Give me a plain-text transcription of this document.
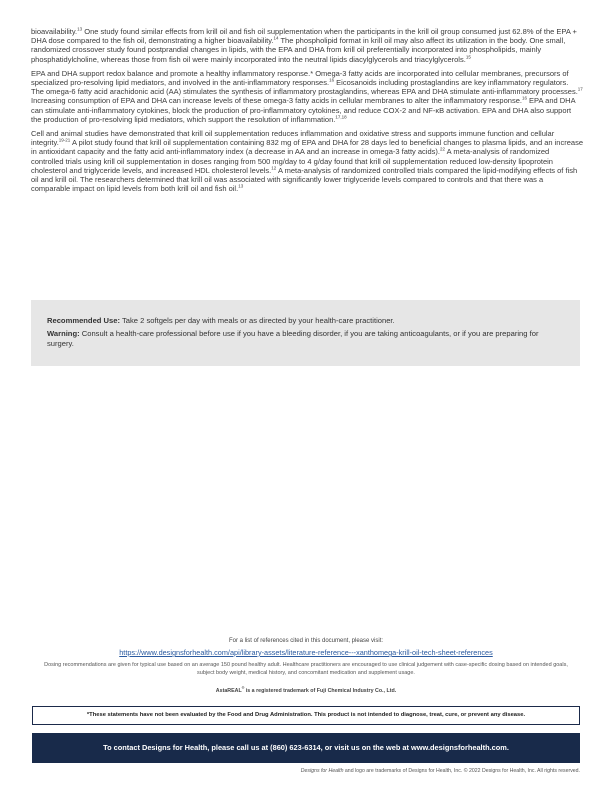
bioavailability.$^{13}$ One study found similar effects from krill oil and fish oil supplementation when the participants in the krill oil group consumed just 62.8% of the EPA + DHA dose compared to the fish oil, demonstrating a higher bioavailability.$^{14}$ The phospholipid format in krill oil may also affect its utilization in the body. One small, randomized crossover study found postprandial changes in lipids, with the EPA and DHA from krill oil preferentially incorporated into phospholipids, mainly phosphatidylcholine, whereas those from fish oil were mainly incorporated into the neutral lipids diacylglycerols and triacylglycerols.$^{15}$

EPA and DHA support redox balance and promote a healthy inflammatory response.* Omega-3 fatty acids are incorporated into cellular membranes, precursors of specialized pro-resolving lipid mediators, and involved in the anti-inflammatory responses.$^{16}$ Eicosanoids including prostaglandins are key inflammatory regulators. The omega-6 fatty acid arachidonic acid (AA) stimulates the synthesis of inflammatory prostaglandins, whereas EPA and DHA stimulate anti-inflammatory processes.$^{17}$ Increasing consumption of EPA and DHA can increase levels of these omega-3 fatty acids in cellular membranes to alter the inflammatory response.$^{16}$ EPA and DHA can stimulate anti-inflammatory cytokines, block the production of pro-inflammatory cytokines, and reduce COX-2 and NF-κB activation. EPA and DHA also support the production of pro-resolving lipid mediators, which support the resolution of inflammation.$^{17,18}$

Cell and animal studies have demonstrated that krill oil supplementation reduces inflammation and oxidative stress and supports immune function and cellular integrity.$^{19-21}$ A pilot study found that krill oil supplementation containing 832 mg of EPA and DHA for 28 days led to beneficial changes to plasma lipids, and an increase in antioxidant capacity and the fatty acid anti-inflammatory index (a decrease in AA and an increase in omega-3 fatty acids).$^{22}$ A meta-analysis of randomized controlled trials using krill oil supplementation in doses ranging from 500 mg/day to 4 g/day found that krill oil supplementation reduced low-density lipoprotein cholesterol and triglyceride levels, and increased HDL cholesterol levels.$^{12}$ A meta-analysis of randomized controlled trials compared the lipid-modifying effects of fish oil and krill oil. The researchers determined that krill oil was associated with significantly lower triglyceride levels compared to controls and that there was a comparable impact on lipid levels from both krill oil and fish oil.$^{13}$

Recommended Use: Take 2 softgels per day with meals or as directed by your health-care practitioner.

Warning: Consult a health-care professional before use if you have a bleeding disorder, if you are taking anticoagulants, or if you are preparing for surgery.

For a list of references cited in this document, please visit:
https://www.designsforhealth.com/api/library-assets/literature-reference---xanthomega-krill-oil-tech-sheet-references
Dosing recommendations are given for typical use based on an average 150 pound healthy adult. Healthcare practitioners are encouraged to use clinical judgement with case-specific dosing based on intended goals, subject body weight, medical history, and concomitant medication and supplement usage.
AstaREAL® is a registered trademark of Fuji Chemical Industry Co., Ltd.
*These statements have not been evaluated by the Food and Drug Administration. This product is not intended to diagnose, treat, cure, or prevent any disease.
To contact Designs for Health, please call us at (860) 623-6314, or visit us on the web at www.designsforhealth.com.
Designs for Health and logo are trademarks of Designs for Health, Inc. © 2022 Designs for Health, Inc. All rights reserved.
